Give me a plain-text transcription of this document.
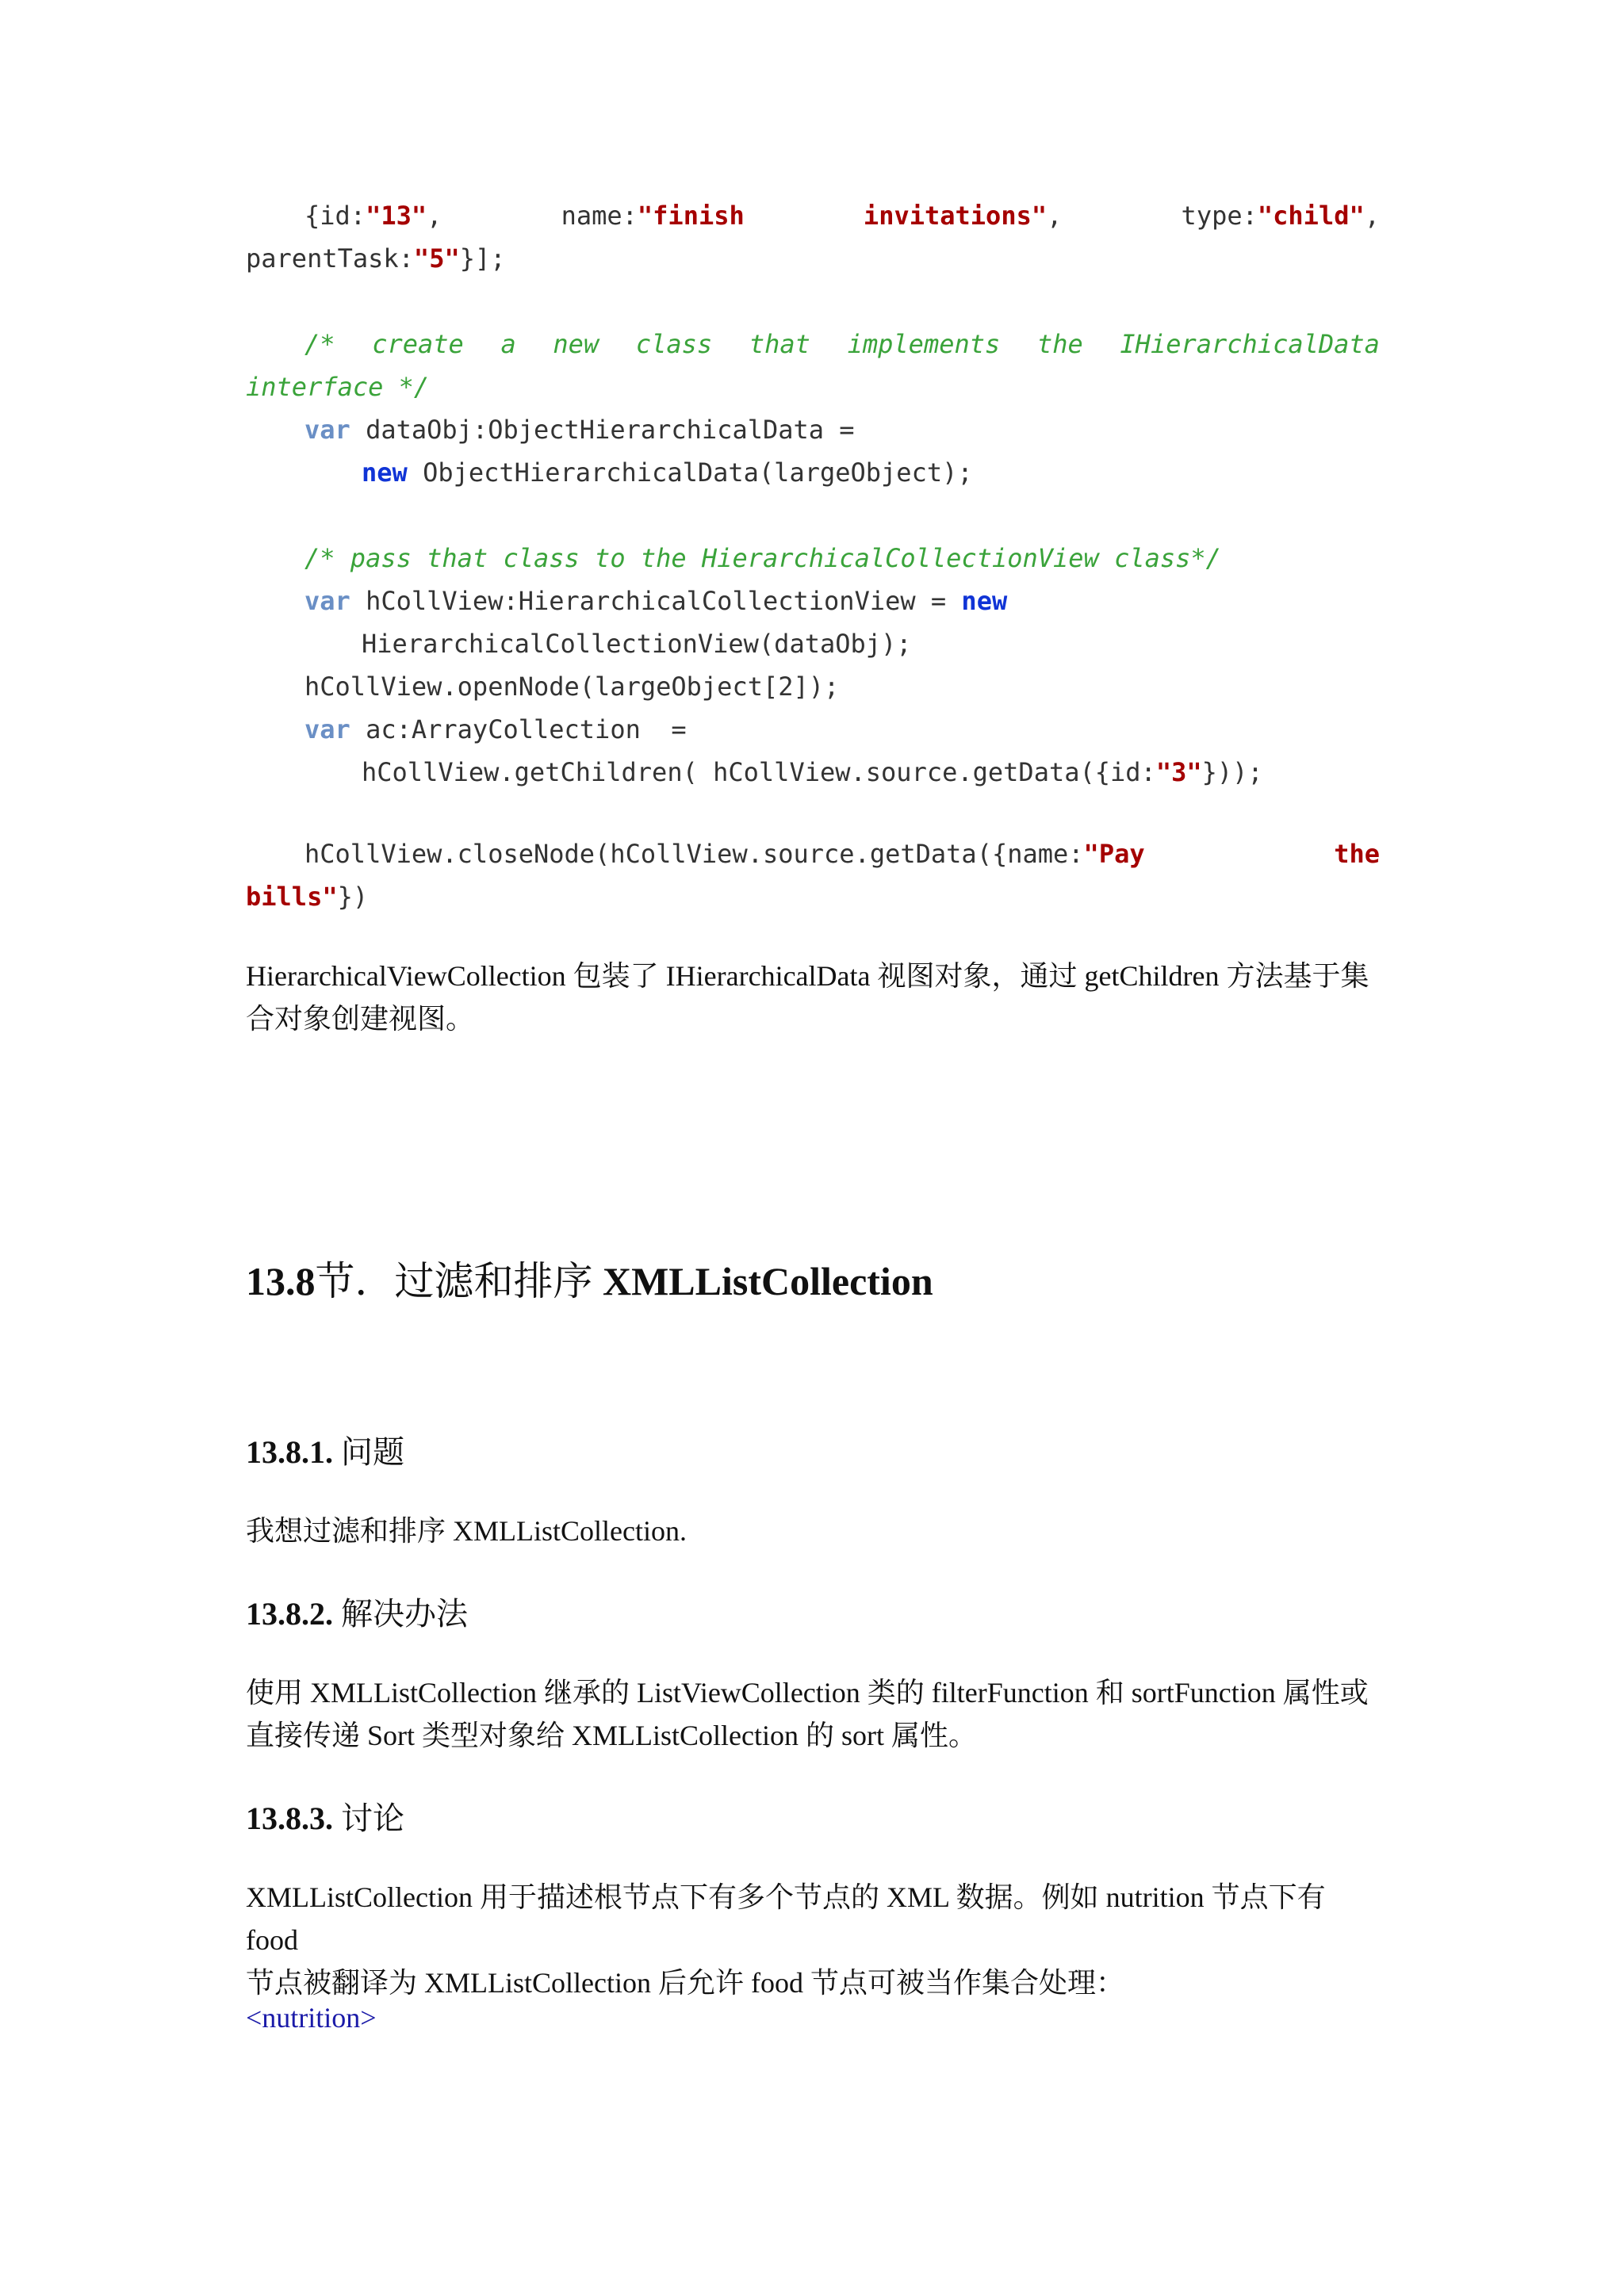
{id:"13",	name:"finish	invitations",	type:"child",
parentTask:"5"}];
/* create a new class that implements the IHierarchicalData
interface */
var dataObj:ObjectHierarchicalData =
new ObjectHierarchicalData(largeObject);
/* pass that class to the HierarchicalCollectionView class*/
var hCollView:HierarchicalCollectionView = new
HierarchicalCollectionView(dataObj);
hCollView.openNode(largeObject[2]);
var ac:ArrayCollection  =
hCollView.getChildren( hCollView.source.getData({id:"3"}));
hCollView.closeNode(hCollView.source.getData({name:"Pay	the
bills"})
HierarchicalViewCollection 包装了 IHierarchicalData 视图对象，通过 getChildren 方法基于集
合对象创建视图。
13.8节．过滤和排序 XMLListCollection
13.8.1. 问题
我想过滤和排序 XMLListCollection.
13.8.2. 解决办法
使用 XMLListCollection 继承的 ListViewCollection 类的 filterFunction 和 sortFunction 属性或
直接传递 Sort 类型对象给 XMLListCollection 的 sort 属性。
13.8.3. 讨论
XMLListCollection 用于描述根节点下有多个节点的 XML 数据。例如 nutrition 节点下有 food
节点被翻译为 XMLListCollection 后允许 food 节点可被当作集合处理：
<nutrition>
